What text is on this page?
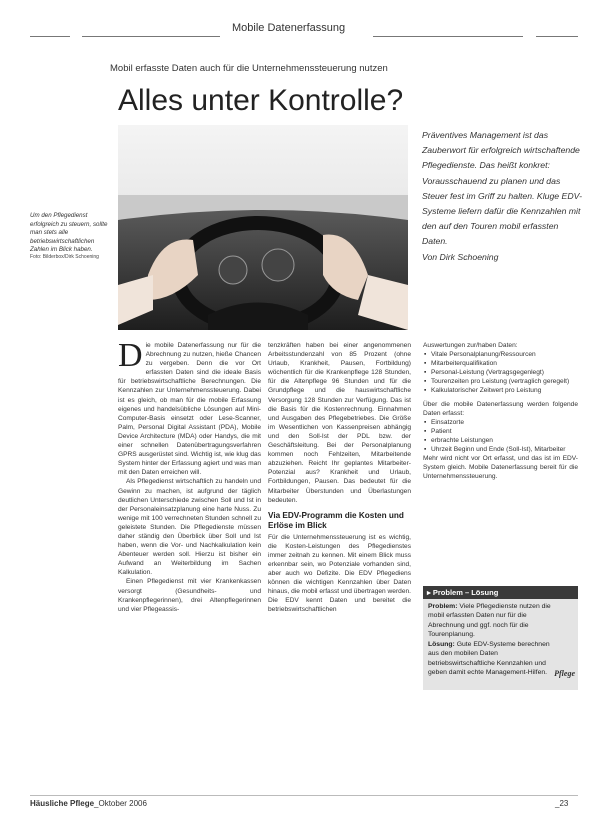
Mobile Datenerfassung
Mobil erfasste Daten auch für die Unternehmenssteuerung nutzen
Alles unter Kontrolle?
Um den Pflegedienst erfolgreich zu steuern, sollte man stets alle betriebswirtschaftlichen Zahlen im Blick haben.
Foto: Bilderbox/Dirk Schoening

Präventives Management ist das Zauberwort für erfolgreich wirtschaftende Pflegedienste. Das heißt konkret: Vorausschauend zu planen und das Steuer fest im Griff zu halten. Kluge EDV-Systeme liefern dafür die Kennzahlen mit den auf den Touren mobil erfassten Daten.

Von Dirk Schoening

Die mobile Datenerfassung nur für die Abrechnung zu nutzen, hieße Chancen zu vergeben. Denn die vor Ort erfassten Daten sind die ideale Basis für betriebswirtschaftliche Berechnungen. Die Kennzahlen zur Unternehmenssteuerung. Dabei ist es gleich, ob man für die mobile Erfassung eigenes und handelsübliche Lösungen auf Mini-Computer-Basis einsetzt oder Lese-Scanner, Palm, Personal Digital Assistant (PDA), Mobile Device Architecture (MDA) oder Handys, die mit einer schnellen Datenübertragungsverfahren GPRS ausgerüstet sind. Wichtig ist, wie klug das System hinter der Erfassung agiert und was man mit den Daten erreichen will.

Als Pflegedienst wirtschaftlich zu handeln und Gewinn zu machen, ist aufgrund der täglich deutlichen Unterschiede zwischen Soll und Ist in der Personaleinsatzplanung eine harte Nuss. Zu wenige mit 100 verrechneten Stunden schnell zu geleistete Stunden. Die Pflegedienste müssen daher ständig den Überblick über Soll und Ist haben, wenn die Vor- und Nachkalkulation kein Abenteuer werden soll. Hierzu ist bisher ein Aufwand an Weiterbildung im Sachen Kalkulation.

Einen Pflegedienst mit vier Krankenkassen versorgt (Gesundheits- und Krankenpflegerinnen), drei Altenpflegerinnen und vier Pflegeassis-

tenzkräften haben bei einer angenommenen Arbeitsstundenzahl von 85 Prozent (ohne Urlaub, Krankheit, Pausen, Fortbildung) wöchentlich für die Krankenpflege 128 Stunden, für die Altenpflege 96 Stunden und für die Grundpflege und die hauswirtschaftliche Versorgung 128 Stunden zur Verfügung. Das ist die Basis für die Kostenrechnung. Einnahmen und Ausgaben des Pflegebetriebes. Die Größe im Wesentlichen von Kassenpreisen abhängig und den Soll-Ist der PDL bzw. der Geschäftsleitung. Bei der Personalplanung kommen noch Fehlzeiten, Mitarbeitende abzuziehen. Reicht Ihr geplantes Mitarbeiter-Potenzial aus? Krankheit und Urlaub, Fortbildungen, Pausen. Das bedeutet für die Mitarbeiter Überstunden und Überlastungen bedeuten.

Via EDV-Programm die Kosten und Erlöse im Blick

Für die Unternehmenssteuerung ist es wichtig, die Kosten-Leistungen des Pflegedienstes immer zeitnah zu kennen. Mit einem Blick muss erkennbar sein, wo Potenziale vorhanden sind, aber auch wo Defizite. Die EDV Pflegediens können die wichtigen Kennzahlen über Daten hinaus, die mobil erfasst und übertragen werden. Die EDV kennt Daten und bereitet die betriebswirtschaftlichen

Auswertungen zur/haben Daten:

▪ Vitale Personalplanung/Ressourcen
▪ Mitarbeiterqualifikation
▪ Personal-Leistung (Vertragsgegenlegt)
▪ Tourenzeiten pro Leistung (vertraglich geregelt)
▪ Kalkulatorischer Zeitwert pro Leistung

Über die mobile Datenerfassung werden folgende Daten erfasst:

▪ Einsatzorte
▪ Patient
▪ erbrachte Leistungen
▪ Uhrzeit Beginn und Ende (Soll-Ist), Mitarbeiter

Mehr wird nicht vor Ort erfasst, und das ist im EDV-System gleich. Mobile Datenerfassung bereit für die Unternehmenssteuerung.

▸ Problem – Lösung

Problem: Viele Pflegedienste nutzen die mobil erfassten Daten nur für die Abrechnung und ggf. noch für die Tourenplanung.

Lösung: Gute EDV-Systeme berechnen aus den mobilen Daten betriebswirtschaftliche Kennzahlen und geben damit echte Management-Hilfen. Pflege
Häusliche Pflege_Oktober 2006	_23
